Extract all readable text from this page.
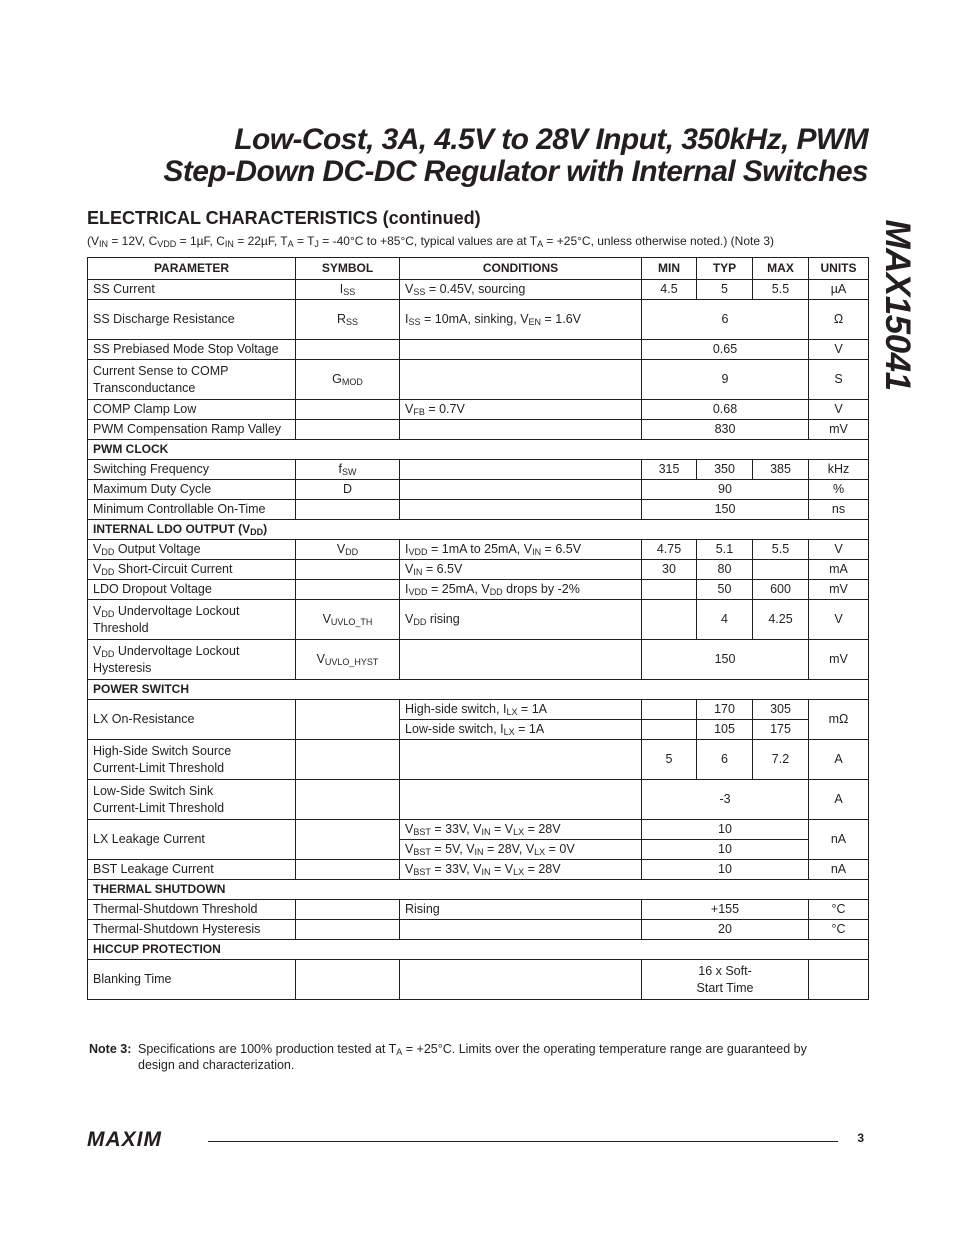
Low-Cost, 3A, 4.5V to 28V Input, 350kHz, PWM
Step-Down DC-DC Regulator with Internal Switches
MAX15041
ELECTRICAL CHARACTERISTICS (continued)
($V_{IN} = 12V$, $C_{VDD} = 1\mu F$, $C_{IN} = 22\mu F$, $T_A = T_J = -40^\circ C$ to +85°C, typical values are at $T_A = +25^\circ C$, unless otherwise noted.) (Note 3)
PARAMETER	SYMBOL	CONDITIONS	MIN	TYP	MAX	UNITS
SS Current	$I_{SS}$	$V_{SS} = 0.45V$, sourcing	4.5	5	5.5	µA
SS Discharge Resistance	$R_{SS}$	$I_{SS} = 10mA$, sinking, $V_{EN} = 1.6V$	6			Ω
SS Prebiased Mode Stop Voltage			0.65			V

Current Sense to COMP
Transconductance	$G_{MOD}$		9			S
COMP Clamp Low		$V_{FB} = 0.7V$	0.68			V
PWM Compensation Ramp Valley			830			mV
PWM CLOCK						
Switching Frequency	$f_{SW}$		315	350	385	kHz
Maximum Duty Cycle	D		90			%
Minimum Controllable On-Time			150			ns
INTERNAL LDO OUTPUT $(V_{DD})$						
$V_{DD}$ Output Voltage	$V_{DD}$	$I_{VDD} = 1mA$ to 25mA, $V_{IN} = 6.5V$	4.75	5.1	5.5	V
$V_{DD}$ Short-Circuit Current		$V_{IN} = 6.5V$	30	80		mA
LDO Dropout Voltage		$I_{VDD} = 25mA$, $V_{DD}$ drops by -2%		50	600	mV

$V_{DD}$ Undervoltage Lockout
Threshold	$V_{UVLO\_TH}$	$V_{DD}$ rising		4	4.25	V

$V_{DD}$ Undervoltage Lockout
Hysteresis	$V_{UVLO\_HYST}$		150			mV
POWER SWITCH						
LX On-Resistance		High-side switch, $I_{LX} = 1A$		170	305	mΩ
		Low-side switch, $I_{LX} = 1A$		105	175	

High-Side Switch Source
Current-Limit Threshold			5	6	7.2	A

Low-Side Switch Sink
Current-Limit Threshold			-3			A
LX Leakage Current		$V_{BST} = 33V$, $V_{IN} = V_{LX} = 28V$	10			nA
		$V_{BST} = 5V$, $V_{IN} = 28V$, $V_{LX} = 0V$	10			
BST Leakage Current		$V_{BST} = 33V$, $V_{IN} = V_{LX} = 28V$	10			nA
THERMAL SHUTDOWN						
Thermal-Shutdown Threshold		Rising	+155			°C
Thermal-Shutdown Hysteresis			20			°C
HICCUP PROTECTION						
Blanking Time			16 x Soft-
Start Time			

Note 3: Specifications are 100% production tested at $T_A = +25^\circ C$. Limits over the operating temperature range are guaranteed by
design and characterization.
MAXIM	3
